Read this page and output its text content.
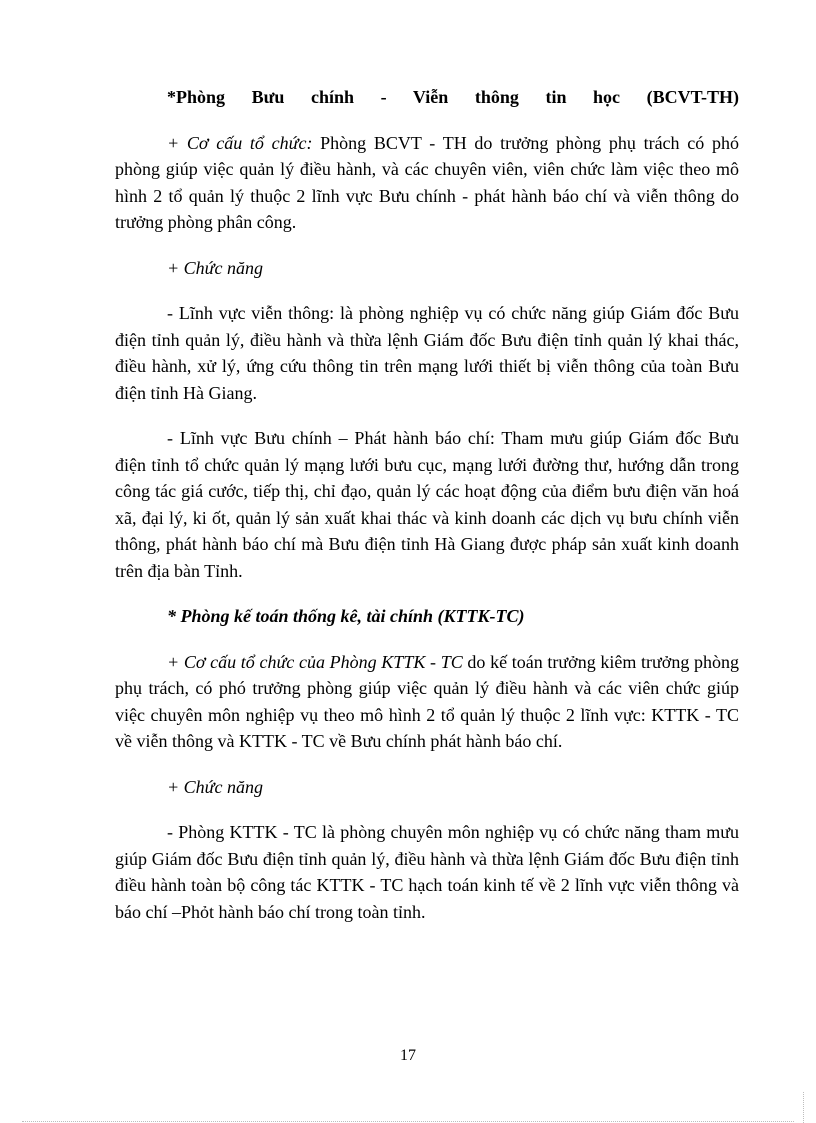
*Phòng Bưu chính - Viễn thông tin học (BCVT-TH)

+ Cơ cấu tổ chức: Phòng BCVT - TH do trưởng phòng phụ trách có phó phòng giúp việc quản lý điều hành, và các chuyên viên, viên chức làm việc theo mô hình 2 tổ quản lý thuộc 2 lĩnh vực Bưu chính - phát hành báo chí và viễn thông do trưởng phòng phân công.

+ Chức năng

- Lĩnh vực viễn thông: là phòng nghiệp vụ có chức năng giúp Giám đốc Bưu điện tỉnh quản lý, điều hành và thừa lệnh Giám đốc Bưu điện tỉnh quản lý khai thác, điều hành, xử lý, ứng cứu thông tin trên mạng lưới thiết bị viễn thông của toàn Bưu điện tỉnh Hà Giang.

- Lĩnh vực Bưu chính – Phát hành báo chí: Tham mưu giúp Giám đốc Bưu điện tỉnh tổ chức quản lý mạng lưới bưu cục, mạng lưới đường thư, hướng dẫn trong công tác giá cước, tiếp thị, chỉ đạo, quản lý các hoạt động của điểm bưu điện văn hoá xã, đại lý, ki ốt, quản lý sản xuất khai thác và kinh doanh các dịch vụ bưu chính viễn thông, phát hành báo chí mà Bưu điện tỉnh Hà Giang được pháp sản xuất kinh doanh trên địa bàn Tỉnh.

* Phòng kế toán thống kê, tài chính (KTTK-TC)

+ Cơ cấu tổ chức của Phòng KTTK - TC do kế toán trưởng kiêm trưởng phòng phụ trách, có phó trưởng phòng giúp việc quản lý điều hành và các viên chức giúp việc chuyên môn nghiệp vụ theo mô hình 2 tổ quản lý thuộc 2 lĩnh vực: KTTK - TC về viễn thông và KTTK - TC về Bưu chính phát hành báo chí.

+ Chức năng

- Phòng KTTK - TC là phòng chuyên môn nghiệp vụ có chức năng tham mưu giúp Giám đốc Bưu điện tỉnh quản lý, điều hành và thừa lệnh Giám đốc Bưu điện tỉnh điều hành toàn bộ công tác KTTK - TC hạch toán kinh tế về 2 lĩnh vực viễn thông và báo chí –Phỏt hành báo chí trong toàn tỉnh.

17
